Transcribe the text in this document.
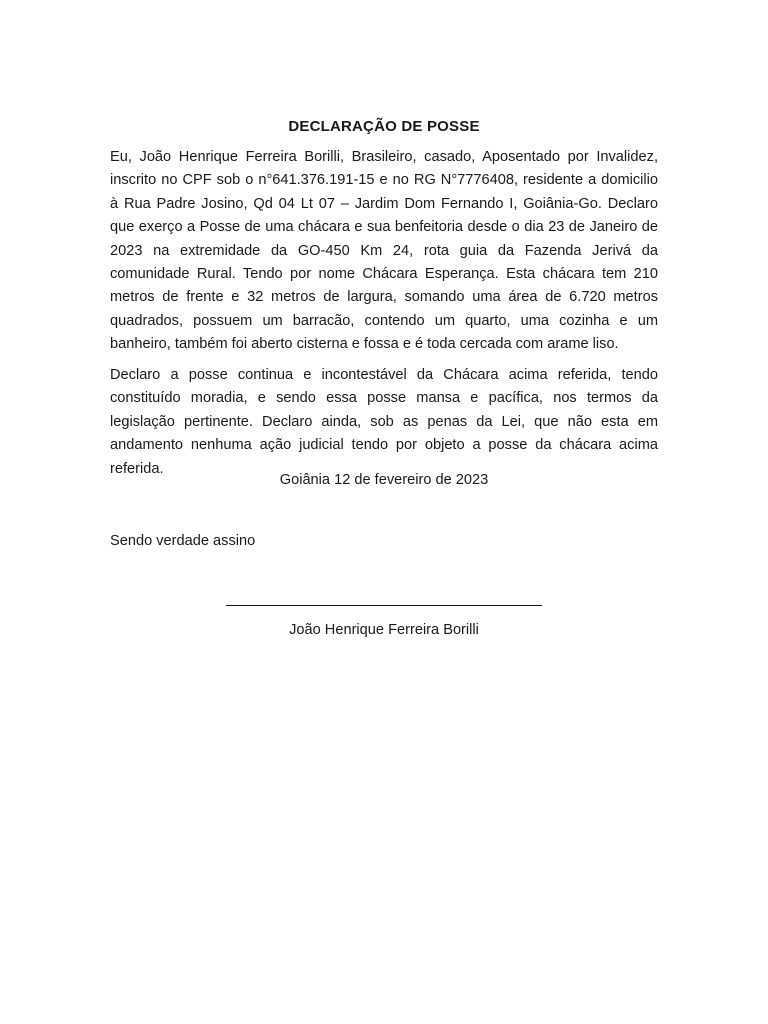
DECLARAÇÃO DE POSSE

Eu, João Henrique Ferreira Borilli, Brasileiro, casado, Aposentado por Invalidez, inscrito no CPF sob o n°641.376.191-15 e no RG N°7776408, residente a domicilio à Rua Padre Josino, Qd 04 Lt 07 – Jardim Dom Fernando I, Goiânia-Go. Declaro que exerço a Posse de uma chácara e sua benfeitoria desde o dia 23 de Janeiro de 2023 na extremidade da GO-450 Km 24, rota guia da Fazenda Jerivá da comunidade Rural. Tendo por nome Chácara Esperança. Esta chácara tem 210 metros de frente e 32 metros de largura, somando uma área de 6.720 metros quadrados, possuem um barracão, contendo um quarto, uma cozinha e um banheiro, também foi aberto cisterna e fossa e é toda cercada com arame liso.

Declaro a posse continua e incontestável da Chácara acima referida, tendo constituído moradia, e sendo essa posse mansa e pacífica, nos termos da legislação pertinente. Declaro ainda, sob as penas da Lei, que não esta em andamento nenhuma ação judicial tendo por objeto a posse da chácara acima referida.

Goiânia 12 de fevereiro de 2023
Sendo verdade assino
João Henrique Ferreira Borilli
